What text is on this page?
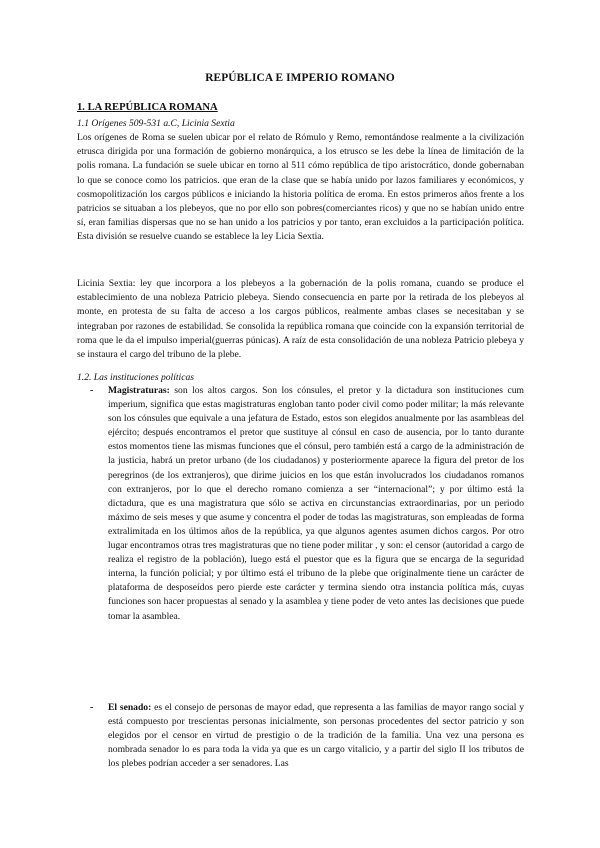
REPÚBLICA E IMPERIO ROMANO
1. LA REPÚBLICA ROMANA
1.1 Orígenes 509-531 a.C, Licinia Sextia

Los orígenes de Roma se suelen ubicar por el relato de Rómulo y Remo, remontándose realmente a la civilización etrusca dirigida por una formación de gobierno monárquica, a los etrusco se les debe la línea de limitación de la polis romana. La fundación se suele ubicar en torno al 511 cómo república de tipo aristocrático, donde gobernaban lo que se conoce como los patricios. que eran de la clase que se había unido por lazos familiares y económicos, y cosmopolitización los cargos públicos e iniciando la historia política de eroma. En estos primeros años frente a los patricios se situaban a los plebeyos, que no por ello son pobres(comerciantes ricos) y que no se habían unido entre sí, eran familias dispersas que no se han unido a los patricios y por tanto, eran excluidos a la participación política. Esta división se resuelve cuando se establece la ley Licia Sextia.

Licinia Sextia: ley que incorpora a los plebeyos a la gobernación de la polis romana, cuando se produce el establecimiento de una nobleza Patricio plebeya. Siendo consecuencia en parte por la retirada de los plebeyos al monte, en protesta de su falta de acceso a los cargos públicos, realmente ambas clases se necesitaban y se integraban por razones de estabilidad. Se consolida la república romana que coincide con la expansión territorial de roma que le da el impulso imperial(guerras púnicas). A raíz de esta consolidación de una nobleza Patricio plebeya y se instaura el cargo del tribuno de la plebe.

1.2. Las instituciones políticas
- Magistraturas: son los altos cargos. Son los cónsules, el pretor y la dictadura son instituciones cum imperium, significa que estas magistraturas engloban tanto poder civil como poder militar; la más relevante son los cónsules que equivale a una jefatura de Estado, estos son elegidos anualmente por las asambleas del ejército; después encontramos el pretor que sustituye al cónsul en caso de ausencia, por lo tanto durante estos momentos tiene las mismas funciones que el cónsul, pero también está a cargo de la administración de la justicia, habrá un pretor urbano (de los ciudadanos) y posteriormente aparece la figura del pretor de los peregrinos (de los extranjeros), que dirime juicios en los que están involucrados los ciudadanos romanos con extranjeros, por lo que el derecho romano comienza a ser “internacional”; y por último está la dictadura, que es una magistratura que sólo se activa en circunstancias extraordinarias, por un periodo máximo de seis meses y que asume y concentra el poder de todas las magistraturas, son empleadas de forma extralimitada en los últimos años de la república, ya que algunos agentes asumen dichos cargos. Por otro lugar encontramos otras tres magistraturas que no tiene poder militar , y son: el censor (autoridad a cargo de realiza el registro de la población), luego está el puestor que es la figura que se encarga de la seguridad interna, la función policial; y por último está el tribuno de la plebe que originalmente tiene un carácter de plataforma de desposeídos pero pierde este carácter y termina siendo otra instancia política más, cuyas funciones son hacer propuestas al senado y la asamblea y tiene poder de veto antes las decisiones que puede tomar la asamblea.

- El senado: es el consejo de personas de mayor edad, que representa a las familias de mayor rango social y está compuesto por trescientas personas inicialmente, son personas procedentes del sector patricio y son elegidos por el censor en virtud de prestigio o de la tradición de la familia. Una vez una persona es nombrada senador lo es para toda la vida ya que es un cargo vitalicio, y a partir del siglo II los tributos de los plebes podrían acceder a ser senadores. Las
